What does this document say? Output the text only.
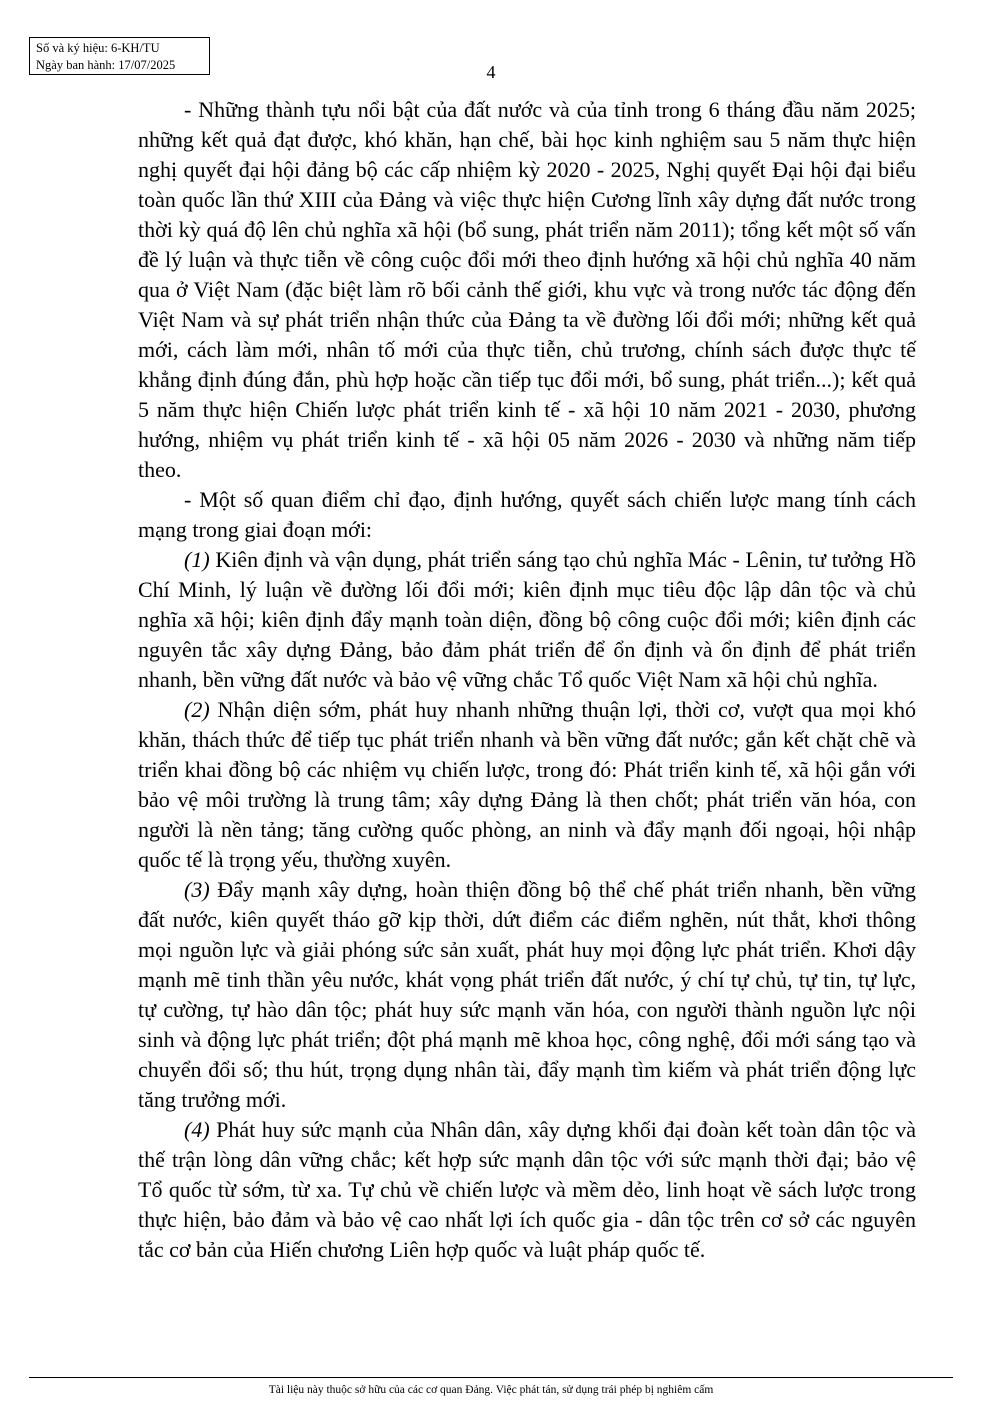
Số và ký hiệu: 6-KH/TU
Ngày ban hành: 17/07/2025	4

- Những thành tựu nổi bật của đất nước và của tỉnh trong 6 tháng đầu năm 2025; những kết quả đạt được, khó khăn, hạn chế, bài học kinh nghiệm sau 5 năm thực hiện nghị quyết đại hội đảng bộ các cấp nhiệm kỳ 2020 - 2025, Nghị quyết Đại hội đại biểu toàn quốc lần thứ XIII của Đảng và việc thực hiện Cương lĩnh xây dựng đất nước trong thời kỳ quá độ lên chủ nghĩa xã hội (bổ sung, phát triển năm 2011); tổng kết một số vấn đề lý luận và thực tiễn về công cuộc đổi mới theo định hướng xã hội chủ nghĩa 40 năm qua ở Việt Nam (đặc biệt làm rõ bối cảnh thế giới, khu vực và trong nước tác động đến Việt Nam và sự phát triển nhận thức của Đảng ta về đường lối đổi mới; những kết quả mới, cách làm mới, nhân tố mới của thực tiễn, chủ trương, chính sách được thực tế khẳng định đúng đắn, phù hợp hoặc cần tiếp tục đổi mới, bổ sung, phát triển...); kết quả 5 năm thực hiện Chiến lược phát triển kinh tế - xã hội 10 năm 2021 - 2030, phương hướng, nhiệm vụ phát triển kinh tế - xã hội 05 năm 2026 - 2030 và những năm tiếp theo.

- Một số quan điểm chỉ đạo, định hướng, quyết sách chiến lược mang tính cách mạng trong giai đoạn mới:

(1) Kiên định và vận dụng, phát triển sáng tạo chủ nghĩa Mác - Lênin, tư tưởng Hồ Chí Minh, lý luận về đường lối đổi mới; kiên định mục tiêu độc lập dân tộc và chủ nghĩa xã hội; kiên định đẩy mạnh toàn diện, đồng bộ công cuộc đổi mới; kiên định các nguyên tắc xây dựng Đảng, bảo đảm phát triển để ổn định và ổn định để phát triển nhanh, bền vững đất nước và bảo vệ vững chắc Tổ quốc Việt Nam xã hội chủ nghĩa.

(2) Nhận diện sớm, phát huy nhanh những thuận lợi, thời cơ, vượt qua mọi khó khăn, thách thức để tiếp tục phát triển nhanh và bền vững đất nước; gắn kết chặt chẽ và triển khai đồng bộ các nhiệm vụ chiến lược, trong đó: Phát triển kinh tế, xã hội gắn với bảo vệ môi trường là trung tâm; xây dựng Đảng là then chốt; phát triển văn hóa, con người là nền tảng; tăng cường quốc phòng, an ninh và đẩy mạnh đối ngoại, hội nhập quốc tế là trọng yếu, thường xuyên.

(3) Đẩy mạnh xây dựng, hoàn thiện đồng bộ thể chế phát triển nhanh, bền vững đất nước, kiên quyết tháo gỡ kịp thời, dứt điểm các điểm nghẽn, nút thắt, khơi thông mọi nguồn lực và giải phóng sức sản xuất, phát huy mọi động lực phát triển. Khơi dậy mạnh mẽ tinh thần yêu nước, khát vọng phát triển đất nước, ý chí tự chủ, tự tin, tự lực, tự cường, tự hào dân tộc; phát huy sức mạnh văn hóa, con người thành nguồn lực nội sinh và động lực phát triển; đột phá mạnh mẽ khoa học, công nghệ, đổi mới sáng tạo và chuyển đổi số; thu hút, trọng dụng nhân tài, đẩy mạnh tìm kiếm và phát triển động lực tăng trưởng mới.

(4) Phát huy sức mạnh của Nhân dân, xây dựng khối đại đoàn kết toàn dân tộc và thế trận lòng dân vững chắc; kết hợp sức mạnh dân tộc với sức mạnh thời đại; bảo vệ Tổ quốc từ sớm, từ xa. Tự chủ về chiến lược và mềm dẻo, linh hoạt về sách lược trong thực hiện, bảo đảm và bảo vệ cao nhất lợi ích quốc gia - dân tộc trên cơ sở các nguyên tắc cơ bản của Hiến chương Liên hợp quốc và luật pháp quốc tế.

Tài liệu này thuộc sở hữu của các cơ quan Đảng. Việc phát tán, sử dụng trái phép bị nghiêm cấm
